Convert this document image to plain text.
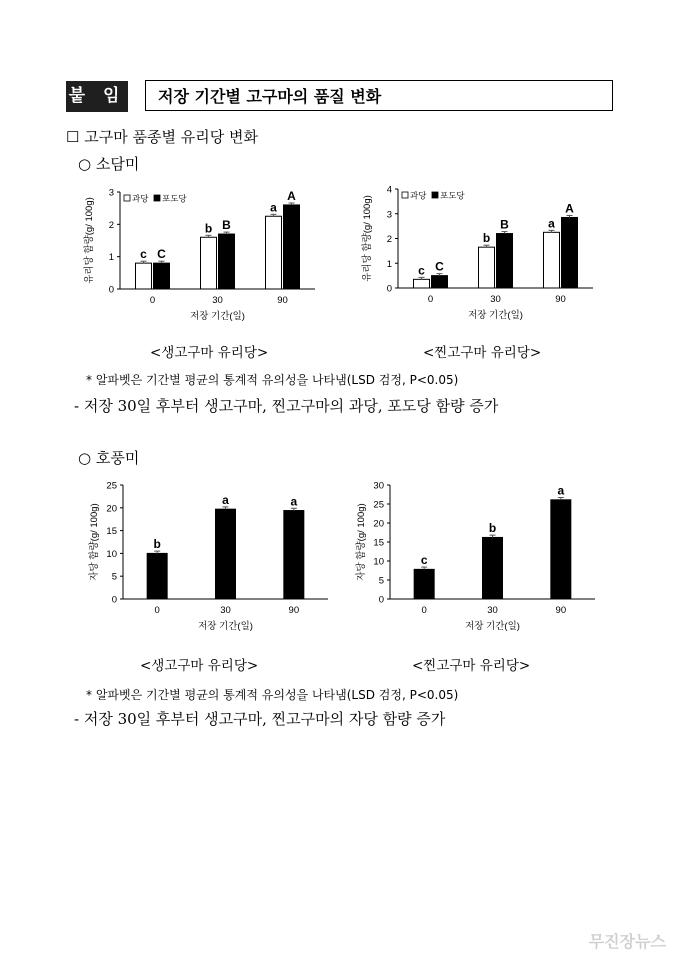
붙 임	저장 기간별 고구마의 품질 변화
☐ 고구마 품종별 유리당 변화
○ 소담미
0
1
2
3
0	30	90
저장 기간(일)
유리당 함량(g/ 100g)	c
b
a
C
B
A
과당 포도당
0
1
2
3
4
0	30	90
저장 기간(일)
유리당 함량(g/ 100g)	c
b
a
C
B
A
과당 포도당
<생고구마 유리당>	<찐고구마 유리당>
* 알파벳은 기간별 평균의 통계적 유의성을 나타냄(LSD 검정, P<0.05)
- 저장 30일 후부터 생고구마, 찐고구마의 과당, 포도당 함량 증가
○ 호풍미
0
5
10
15
20
25
0	30	90
저장 기간(일)
자당 함량(g/ 100g)	b
a	a
0
5
10
15
20
25
30
0	30	90
저장 기간(일)
자당 함량(g/ 100g)	c
b
a
<생고구마 유리당>	<찐고구마 유리당>
* 알파벳은 기간별 평균의 통계적 유의성을 나타냄(LSD 검정, P<0.05)
- 저장 30일 후부터 생고구마, 찐고구마의 자당 함량 증가
무진장뉴스
